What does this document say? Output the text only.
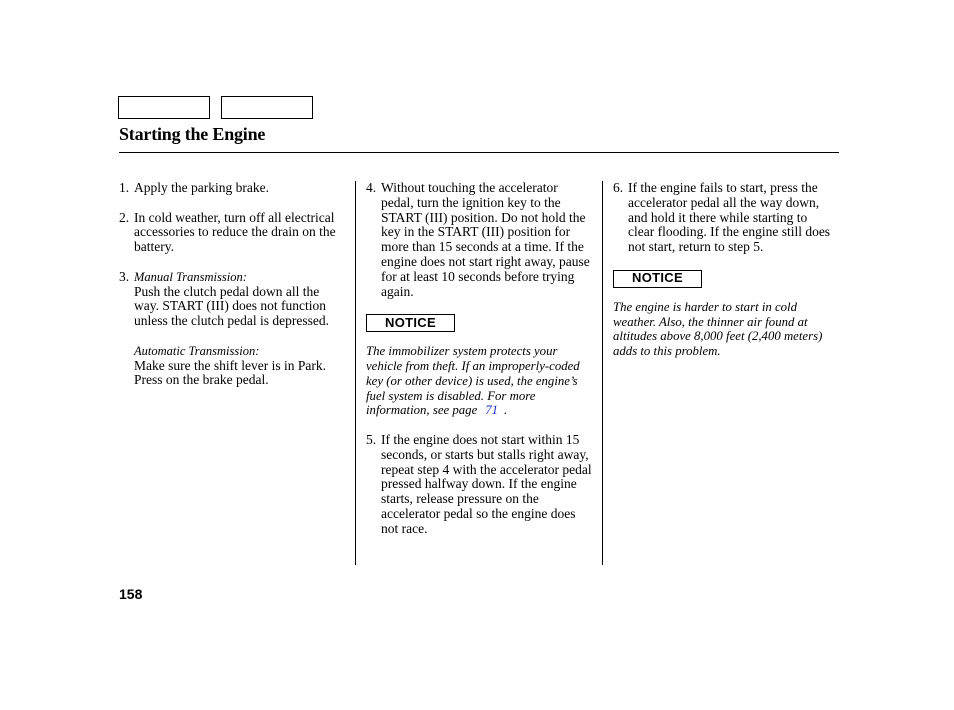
Starting the Engine
1. Apply the parking brake.

2. In cold weather, turn off all electrical accessories to reduce the drain on the battery.

3. Manual Transmission:

Push the clutch pedal down all the way. START (III) does not function unless the clutch pedal is depressed.

Automatic Transmission:

Make sure the shift lever is in Park. Press on the brake pedal.

4. Without touching the accelerator pedal, turn the ignition key to the START (III) position. Do not hold the key in the START (III) position for more than 15 seconds at a time. If the engine does not start right away, pause for at least 10 seconds before trying again.

NOTICE

The immobilizer system protects your vehicle from theft. If an improperly-coded key (or other device) is used, the engine’s fuel system is disabled. For more information, see page 71 .

5. If the engine does not start within 15 seconds, or starts but stalls right away, repeat step 4 with the accelerator pedal pressed halfway down. If the engine starts, release pressure on the accelerator pedal so the engine does not race.

6. If the engine fails to start, press the accelerator pedal all the way down, and hold it there while starting to clear flooding. If the engine still does not start, return to step 5.

NOTICE

The engine is harder to start in cold weather. Also, the thinner air found at altitudes above 8,000 feet (2,400 meters) adds to this problem.

158
